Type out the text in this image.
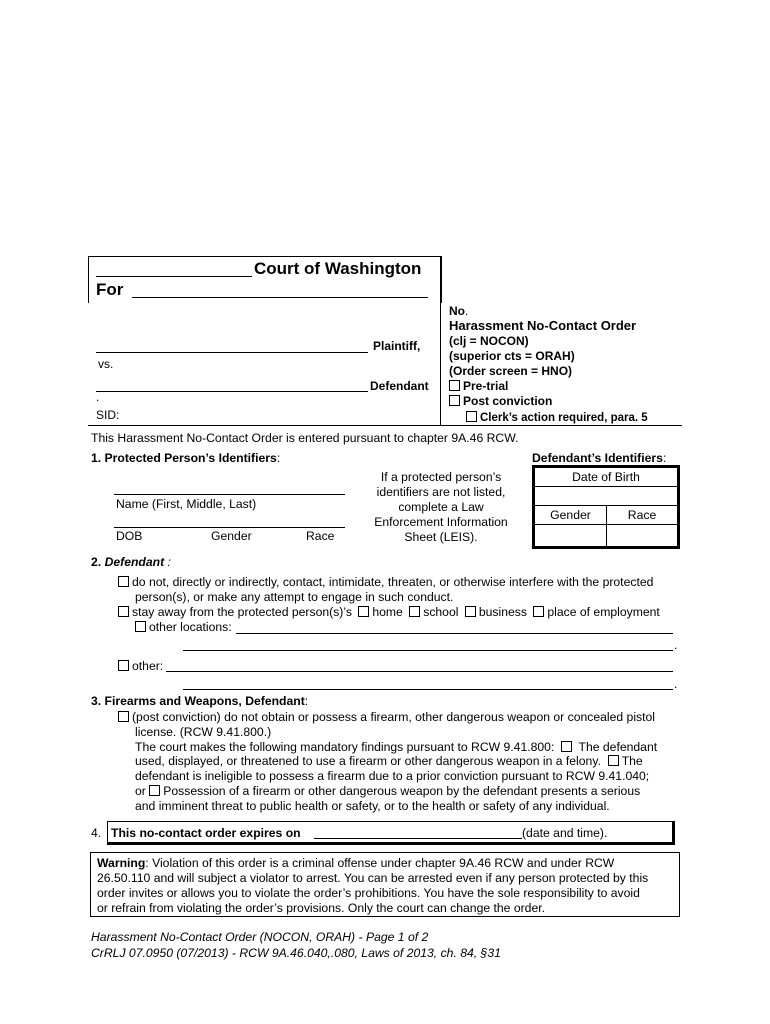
Court of Washington
For
Plaintiff,
vs.
Defendant
.
SID:
No.
Harassment No-Contact Order
(clj = NOCON)
(superior cts = ORAH)
(Order screen = HNO)
Pre-trial
Post conviction
Clerk’s action required, para. 5
This Harassment No-Contact Order is entered pursuant to chapter 9A.46 RCW.
1. Protected Person’s Identifiers:
Name (First, Middle, Last)
DOB	Gender	Race
If a protected person’s
identifiers are not listed,
complete a Law
Enforcement Information
Sheet (LEIS).
Defendant’s Identifiers:
Date of Birth
Gender	Race
2. Defendant :
do not, directly or indirectly, contact, intimidate, threaten, or otherwise interfere with the protected
person(s), or make any attempt to engage in such conduct.
stay away from the protected person(s)’s home school business place of employment
other locations:
.
other:
.
3. Firearms and Weapons, Defendant:
(post conviction) do not obtain or possess a firearm, other dangerous weapon or concealed pistol
license. (RCW 9.41.800.)
The court makes the following mandatory findings pursuant to RCW 9.41.800: The defendant
used, displayed, or threatened to use a firearm or other dangerous weapon in a felony. The
defendant is ineligible to possess a firearm due to a prior conviction pursuant to RCW 9.41.040;
or Possession of a firearm or other dangerous weapon by the defendant presents a serious
and imminent threat to public health or safety, or to the health or safety of any individual.
4. This no-contact order expires on	(date and time).
Warning: Violation of this order is a criminal offense under chapter 9A.46 RCW and under RCW
26.50.110 and will subject a violator to arrest. You can be arrested even if any person protected by this
order invites or allows you to violate the order’s prohibitions. You have the sole responsibility to avoid
or refrain from violating the order’s provisions. Only the court can change the order.
Harassment No-Contact Order (NOCON, ORAH) - Page 1 of 2
CrRLJ 07.0950 (07/2013) - RCW 9A.46.040,.080, Laws of 2013, ch. 84, §31
